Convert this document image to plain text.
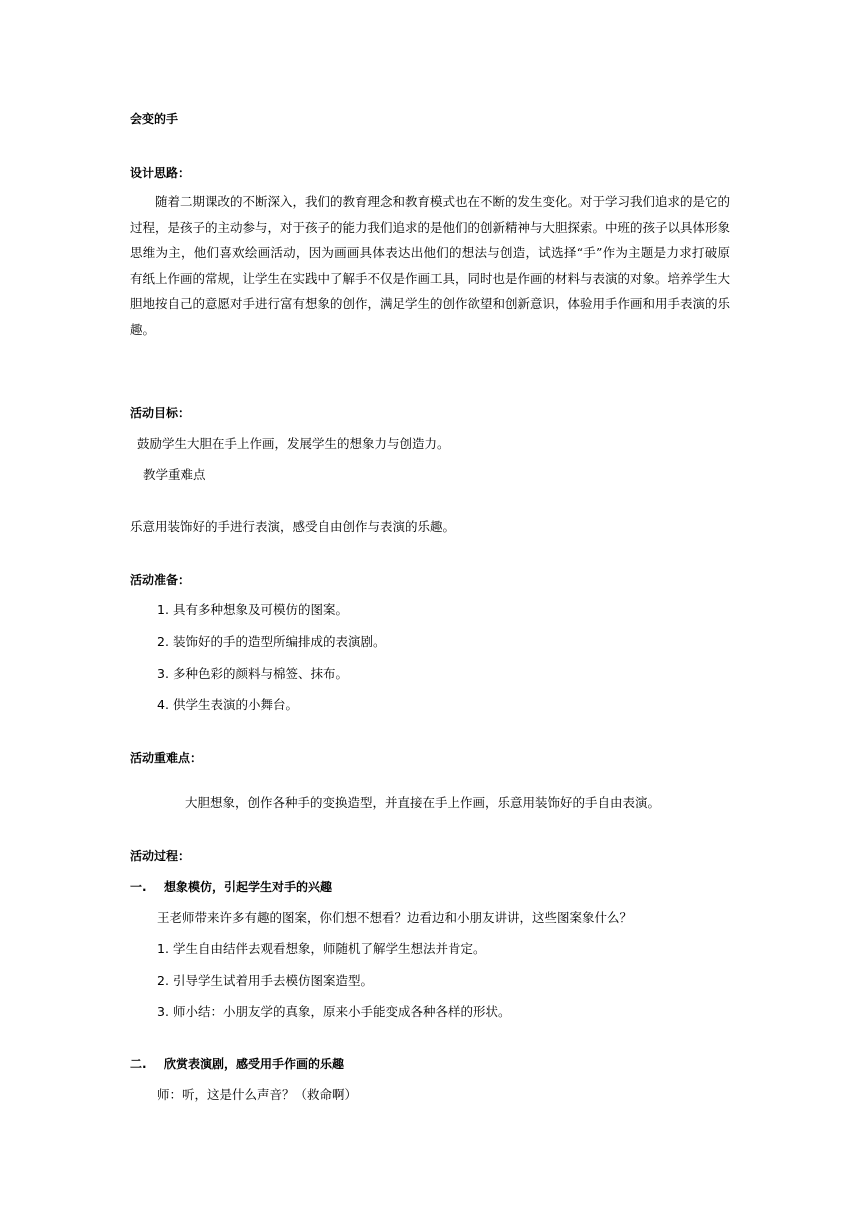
会变的手
设计思路：
随着二期课改的不断深入，我们的教育理念和教育模式也在不断的发生变化。对于学习我们追求的是它的过程，是孩子的主动参与，对于孩子的能力我们追求的是他们的创新精神与大胆探索。中班的孩子以具体形象思维为主，他们喜欢绘画活动，因为画画具体表达出他们的想法与创造，试选择“手”作为主题是力求打破原有纸上作画的常规，让学生在实践中了解手不仅是作画工具，同时也是作画的材料与表演的对象。培养学生大胆地按自己的意愿对手进行富有想象的创作，满足学生的创作欲望和创新意识，体验用手作画和用手表演的乐趣。
活动目标：
鼓励学生大胆在手上作画，发展学生的想象力与创造力。
教学重难点
乐意用装饰好的手进行表演，感受自由创作与表演的乐趣。
活动准备：
1. 具有多种想象及可模仿的图案。
2. 装饰好的手的造型所编排成的表演剧。
3. 多种色彩的颜料与棉签、抹布。
4. 供学生表演的小舞台。
活动重难点：
大胆想象，创作各种手的变换造型，并直接在手上作画，乐意用装饰好的手自由表演。
活动过程：
一. 想象模仿，引起学生对手的兴趣
王老师带来许多有趣的图案，你们想不想看？边看边和小朋友讲讲，这些图案象什么？
1. 学生自由结伴去观看想象，师随机了解学生想法并肯定。
2. 引导学生试着用手去模仿图案造型。
3. 师小结：小朋友学的真象，原来小手能变成各种各样的形状。
二. 欣赏表演剧，感受用手作画的乐趣
师：听，这是什么声音？（救命啊）
